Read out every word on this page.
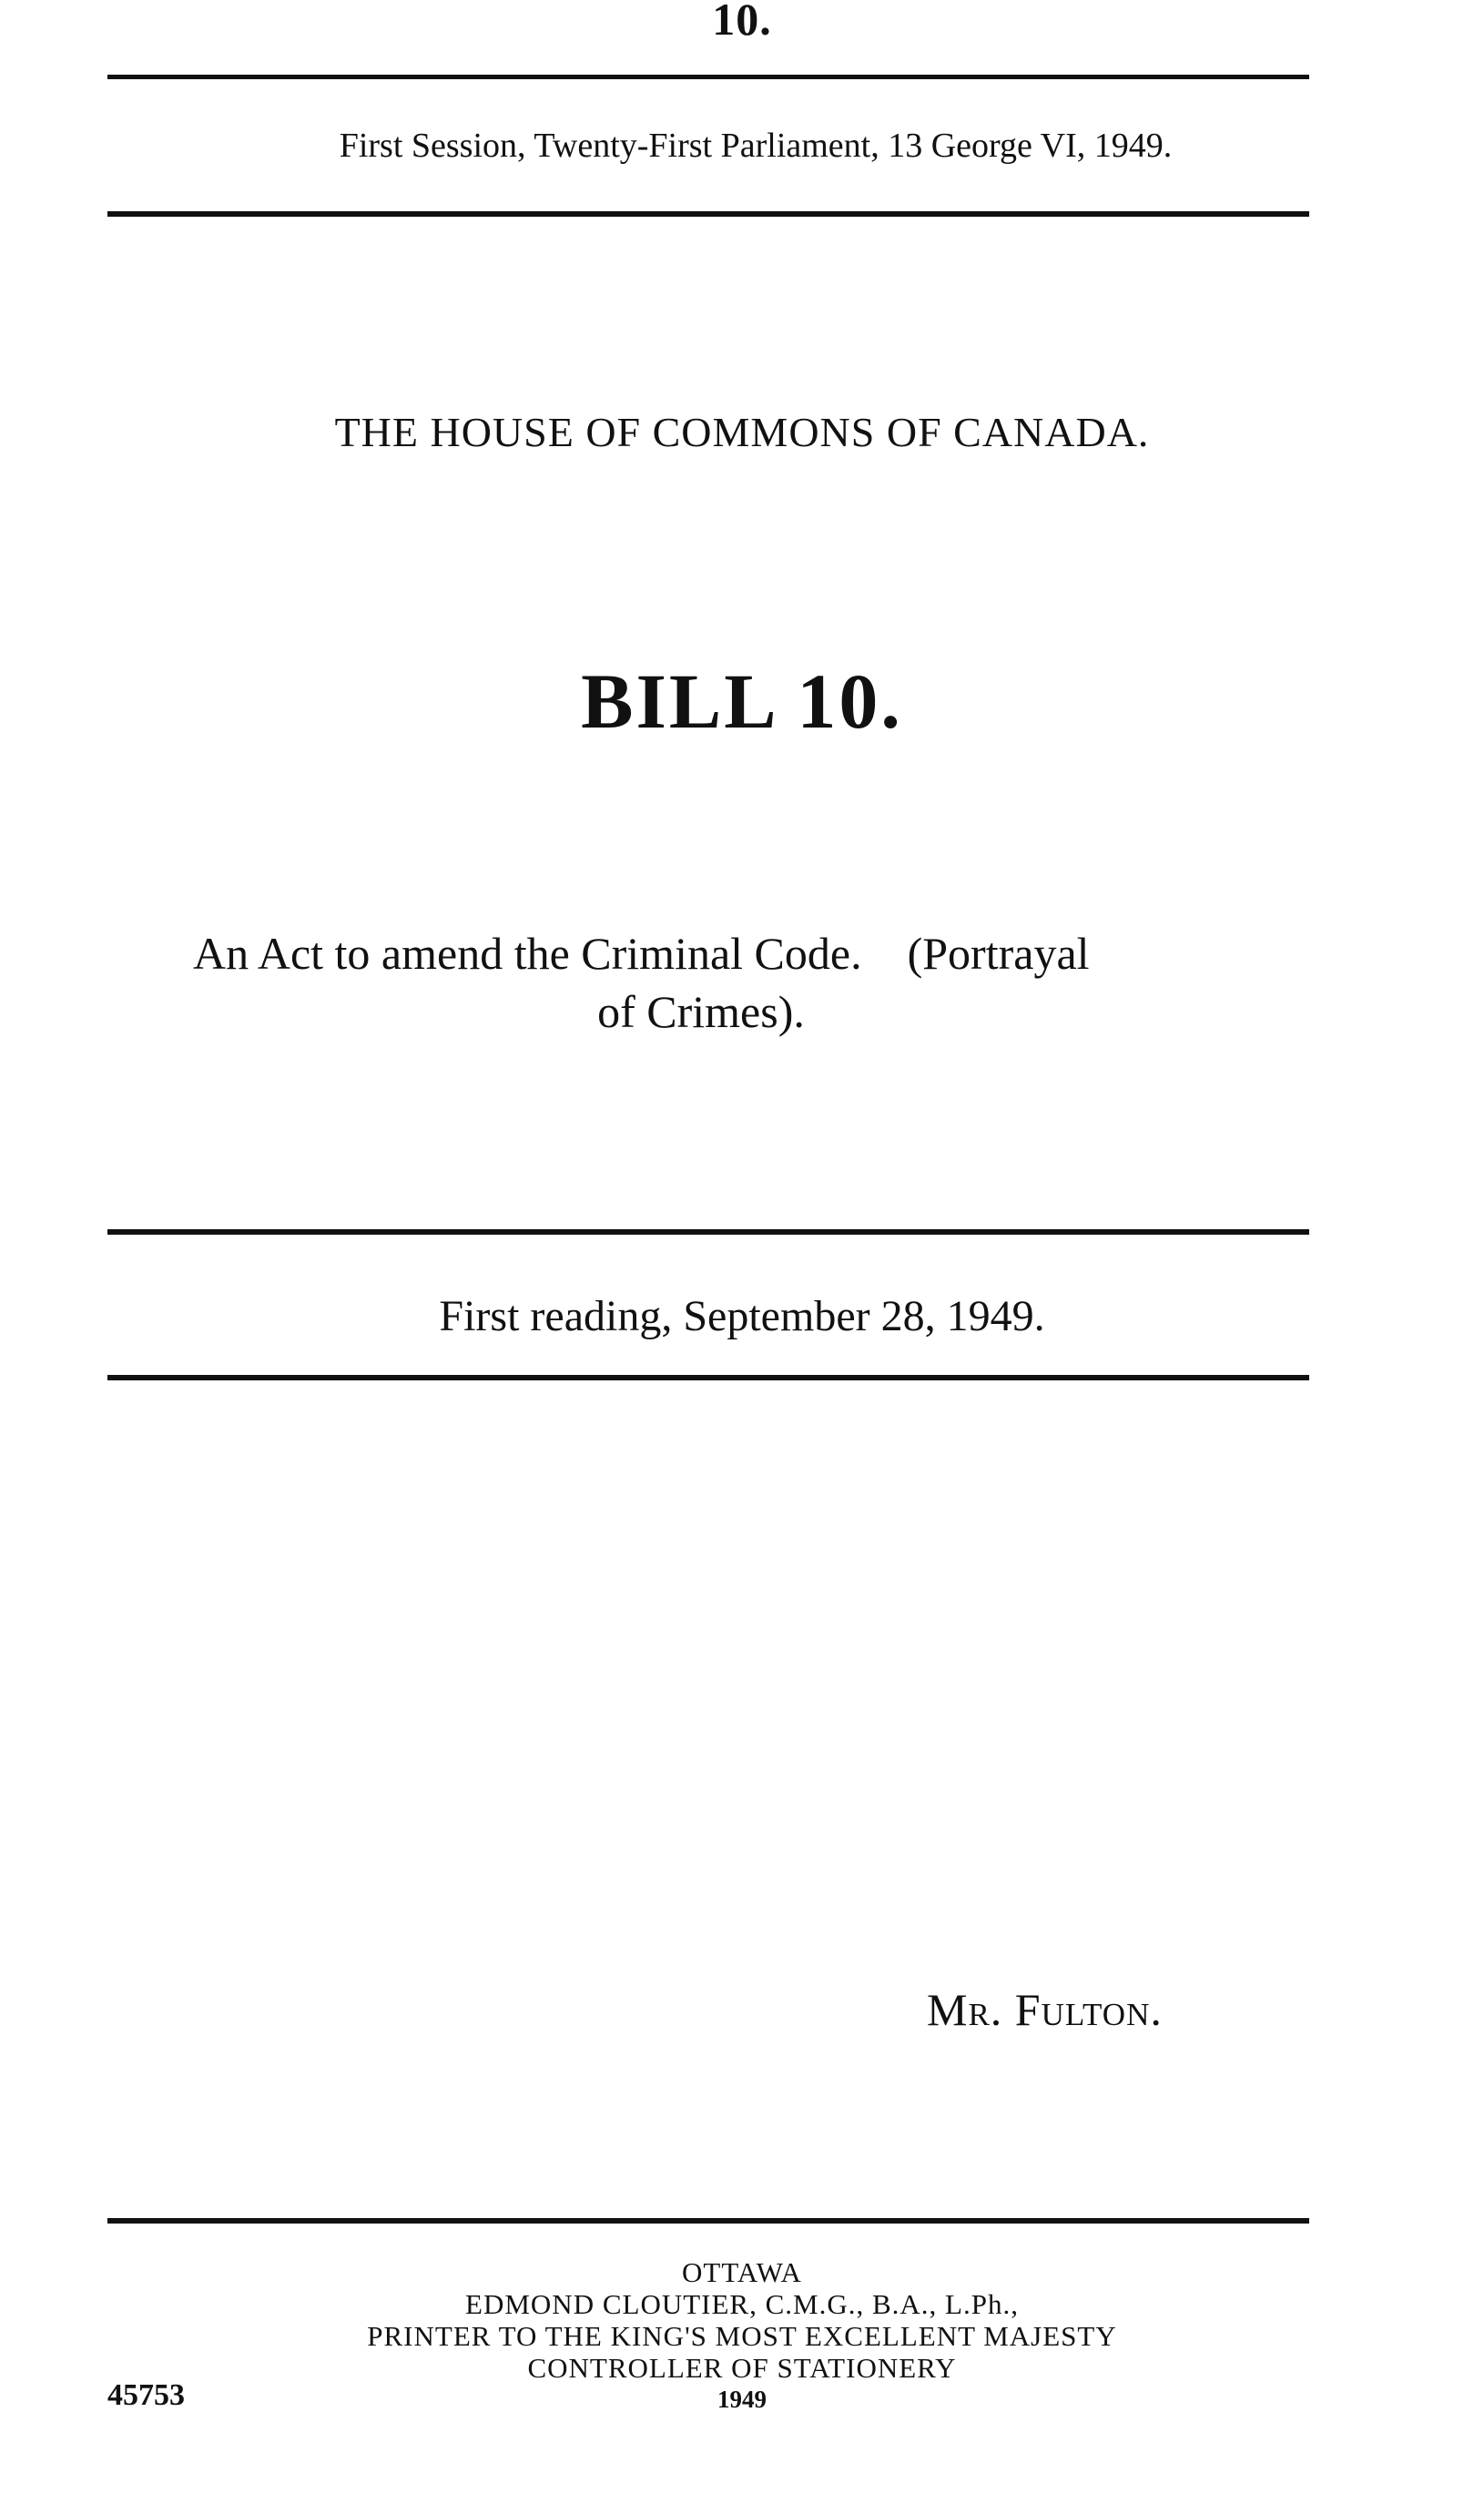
10.
First Session, Twenty-First Parliament, 13 George VI, 1949.
THE HOUSE OF COMMONS OF CANADA.
BILL 10.
An Act to amend the Criminal Code.    (Portrayal
of Crimes).
First reading, September 28, 1949.
Mr. Fulton.
OTTAWA
EDMOND CLOUTIER, C.M.G., B.A., L.Ph.,
PRINTER TO THE KING'S MOST EXCELLENT MAJESTY
CONTROLLER OF STATIONERY
1949
45753
